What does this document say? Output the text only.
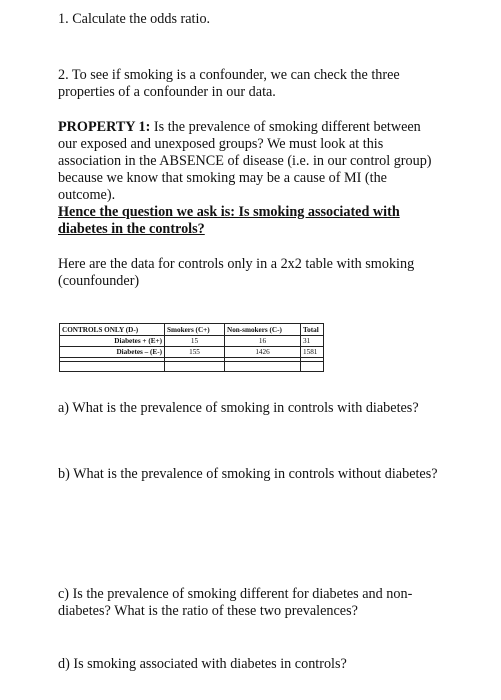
1. Calculate the odds ratio.

2. To see if smoking is a confounder, we can check the three properties of a confounder in our data.

PROPERTY 1: Is the prevalence of smoking different between our exposed and unexposed groups? We must look at this association in the ABSENCE of disease (i.e. in our control group) because we know that smoking may be a cause of MI (the outcome).
Hence the question we ask is: Is smoking associated with diabetes in the controls?

Here are the data for controls only in a 2x2 table with smoking (counfounder)

CONTROLS ONLY (D-)	Smokers (C+)	Non-smokers (C-)	Total
Diabetes + (E+)	15	16	31
Diabetes – (E-)	155	1426	1581

a) What is the prevalence of smoking in controls with diabetes?

b) What is the prevalence of smoking in controls without diabetes?

c) Is the prevalence of smoking different for diabetes and non-diabetes? What is the ratio of these two prevalences?

d) Is smoking associated with diabetes in controls?
